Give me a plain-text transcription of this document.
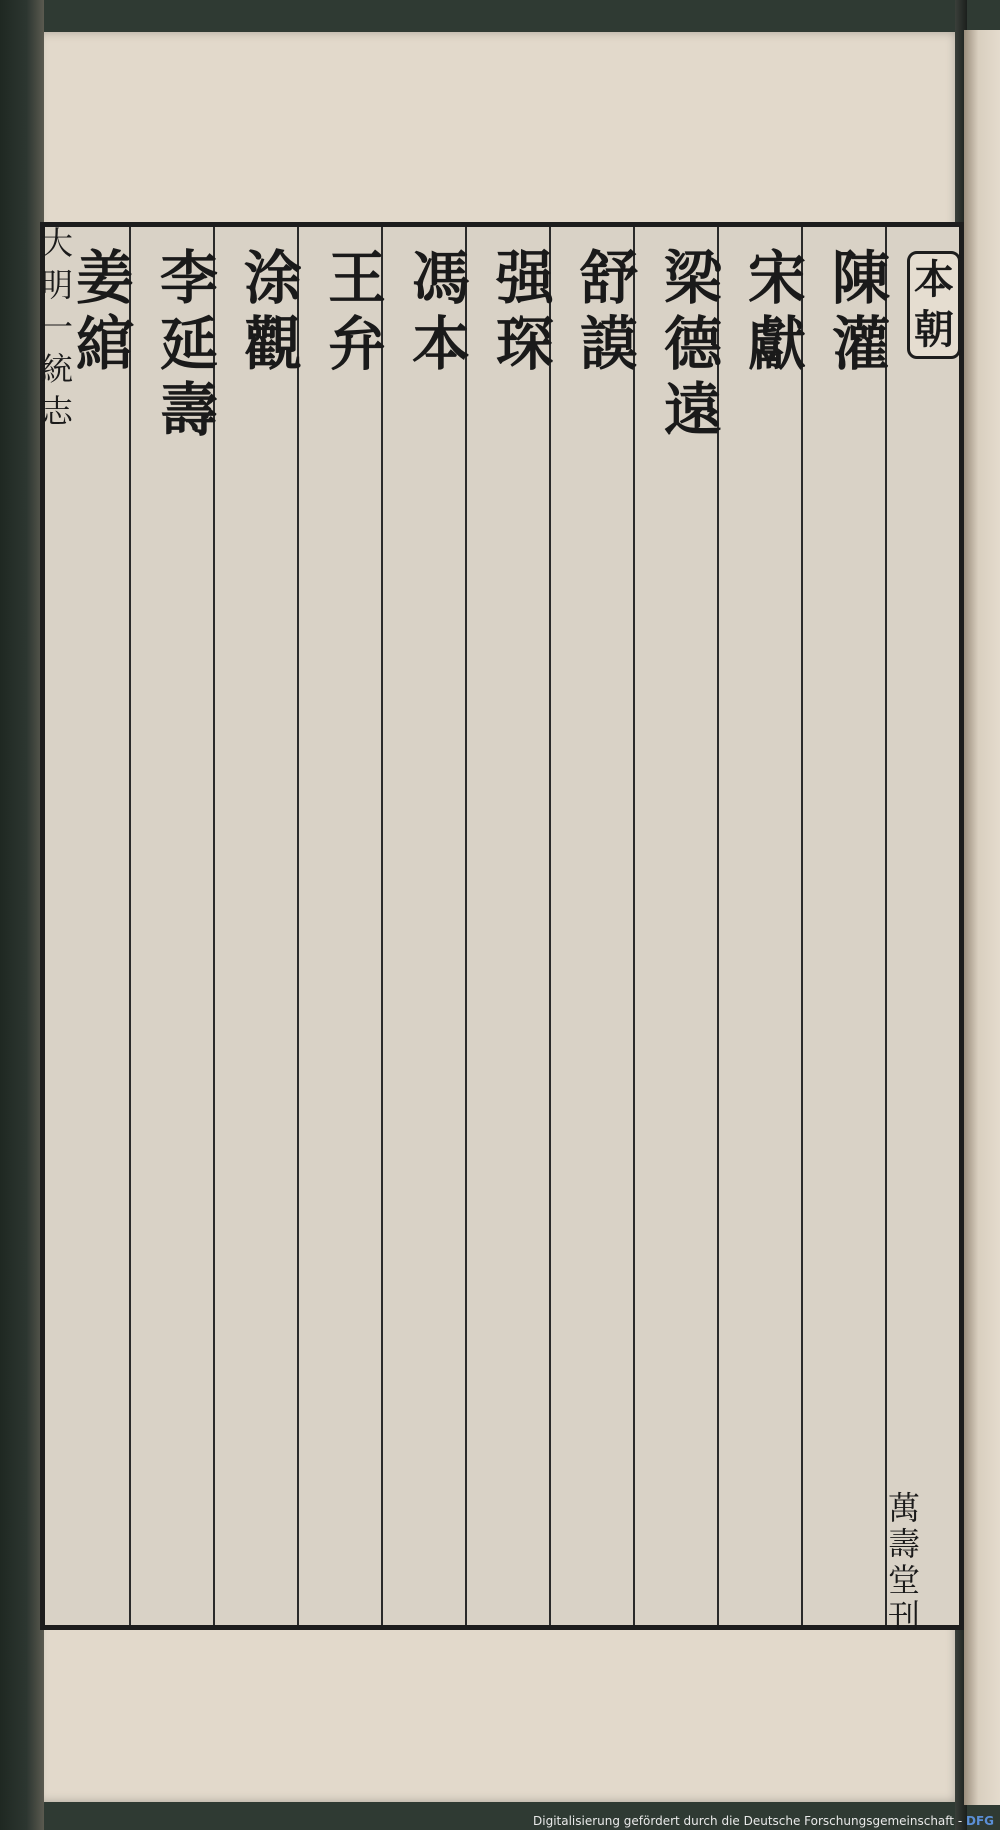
本
朝
陳
灌
宋
獻
梁
德
遠
舒
謨
强
琛
馮
本
王
弁
涂
觀
李
延
壽
姜
綰
大
明
一
統
志
萬
壽
堂
刊
Digitalisierung gefördert durch die Deutsche Forschungsgemeinschaft - DFG
